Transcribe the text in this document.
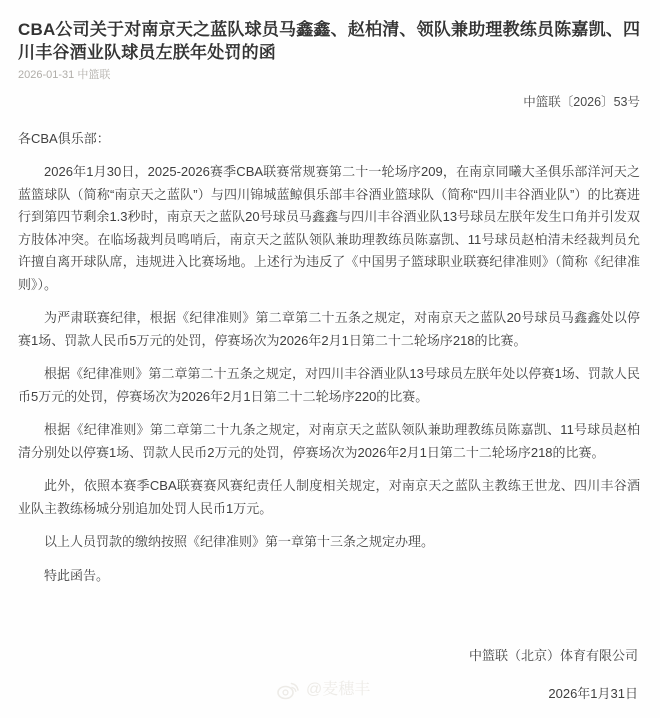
CBA公司关于对南京天之蓝队球员马鑫鑫、赵柏清、领队兼助理教练员陈嘉凯、四川丰谷酒业队球员左朕年处罚的函
2026-01-31 中篮联
中篮联〔2026〕53号
各CBA俱乐部：

2026年1月30日，2025-2026赛季CBA联赛常规赛第二十一轮场序209，在南京同曦大圣俱乐部洋河天之蓝篮球队（简称“南京天之蓝队”）与四川锦城蓝鲸俱乐部丰谷酒业篮球队（简称“四川丰谷酒业队”）的比赛进行到第四节剩余1.3秒时，南京天之蓝队20号球员马鑫鑫与四川丰谷酒业队13号球员左朕年发生口角并引发双方肢体冲突。在临场裁判员鸣哨后，南京天之蓝队领队兼助理教练员陈嘉凯、11号球员赵柏清未经裁判员允许擅自离开球队席，违规进入比赛场地。上述行为违反了《中国男子篮球职业联赛纪律准则》（简称《纪律准则》）。

为严肃联赛纪律，根据《纪律准则》第二章第二十五条之规定，对南京天之蓝队20号球员马鑫鑫处以停赛1场、罚款人民币5万元的处罚，停赛场次为2026年2月1日第二十二轮场序218的比赛。

根据《纪律准则》第二章第二十五条之规定，对四川丰谷酒业队13号球员左朕年处以停赛1场、罚款人民币5万元的处罚，停赛场次为2026年2月1日第二十二轮场序220的比赛。

根据《纪律准则》第二章第二十九条之规定，对南京天之蓝队领队兼助理教练员陈嘉凯、11号球员赵柏清分别处以停赛1场、罚款人民币2万元的处罚，停赛场次为2026年2月1日第二十二轮场序218的比赛。

此外，依照本赛季CBA联赛赛风赛纪责任人制度相关规定，对南京天之蓝队主教练王世龙、四川丰谷酒业队主教练杨城分别追加处罚人民币1万元。

以上人员罚款的缴纳按照《纪律准则》第一章第十三条之规定办理。

特此函告。

中篮联（北京）体育有限公司
2026年1月31日
@麦穗丰
